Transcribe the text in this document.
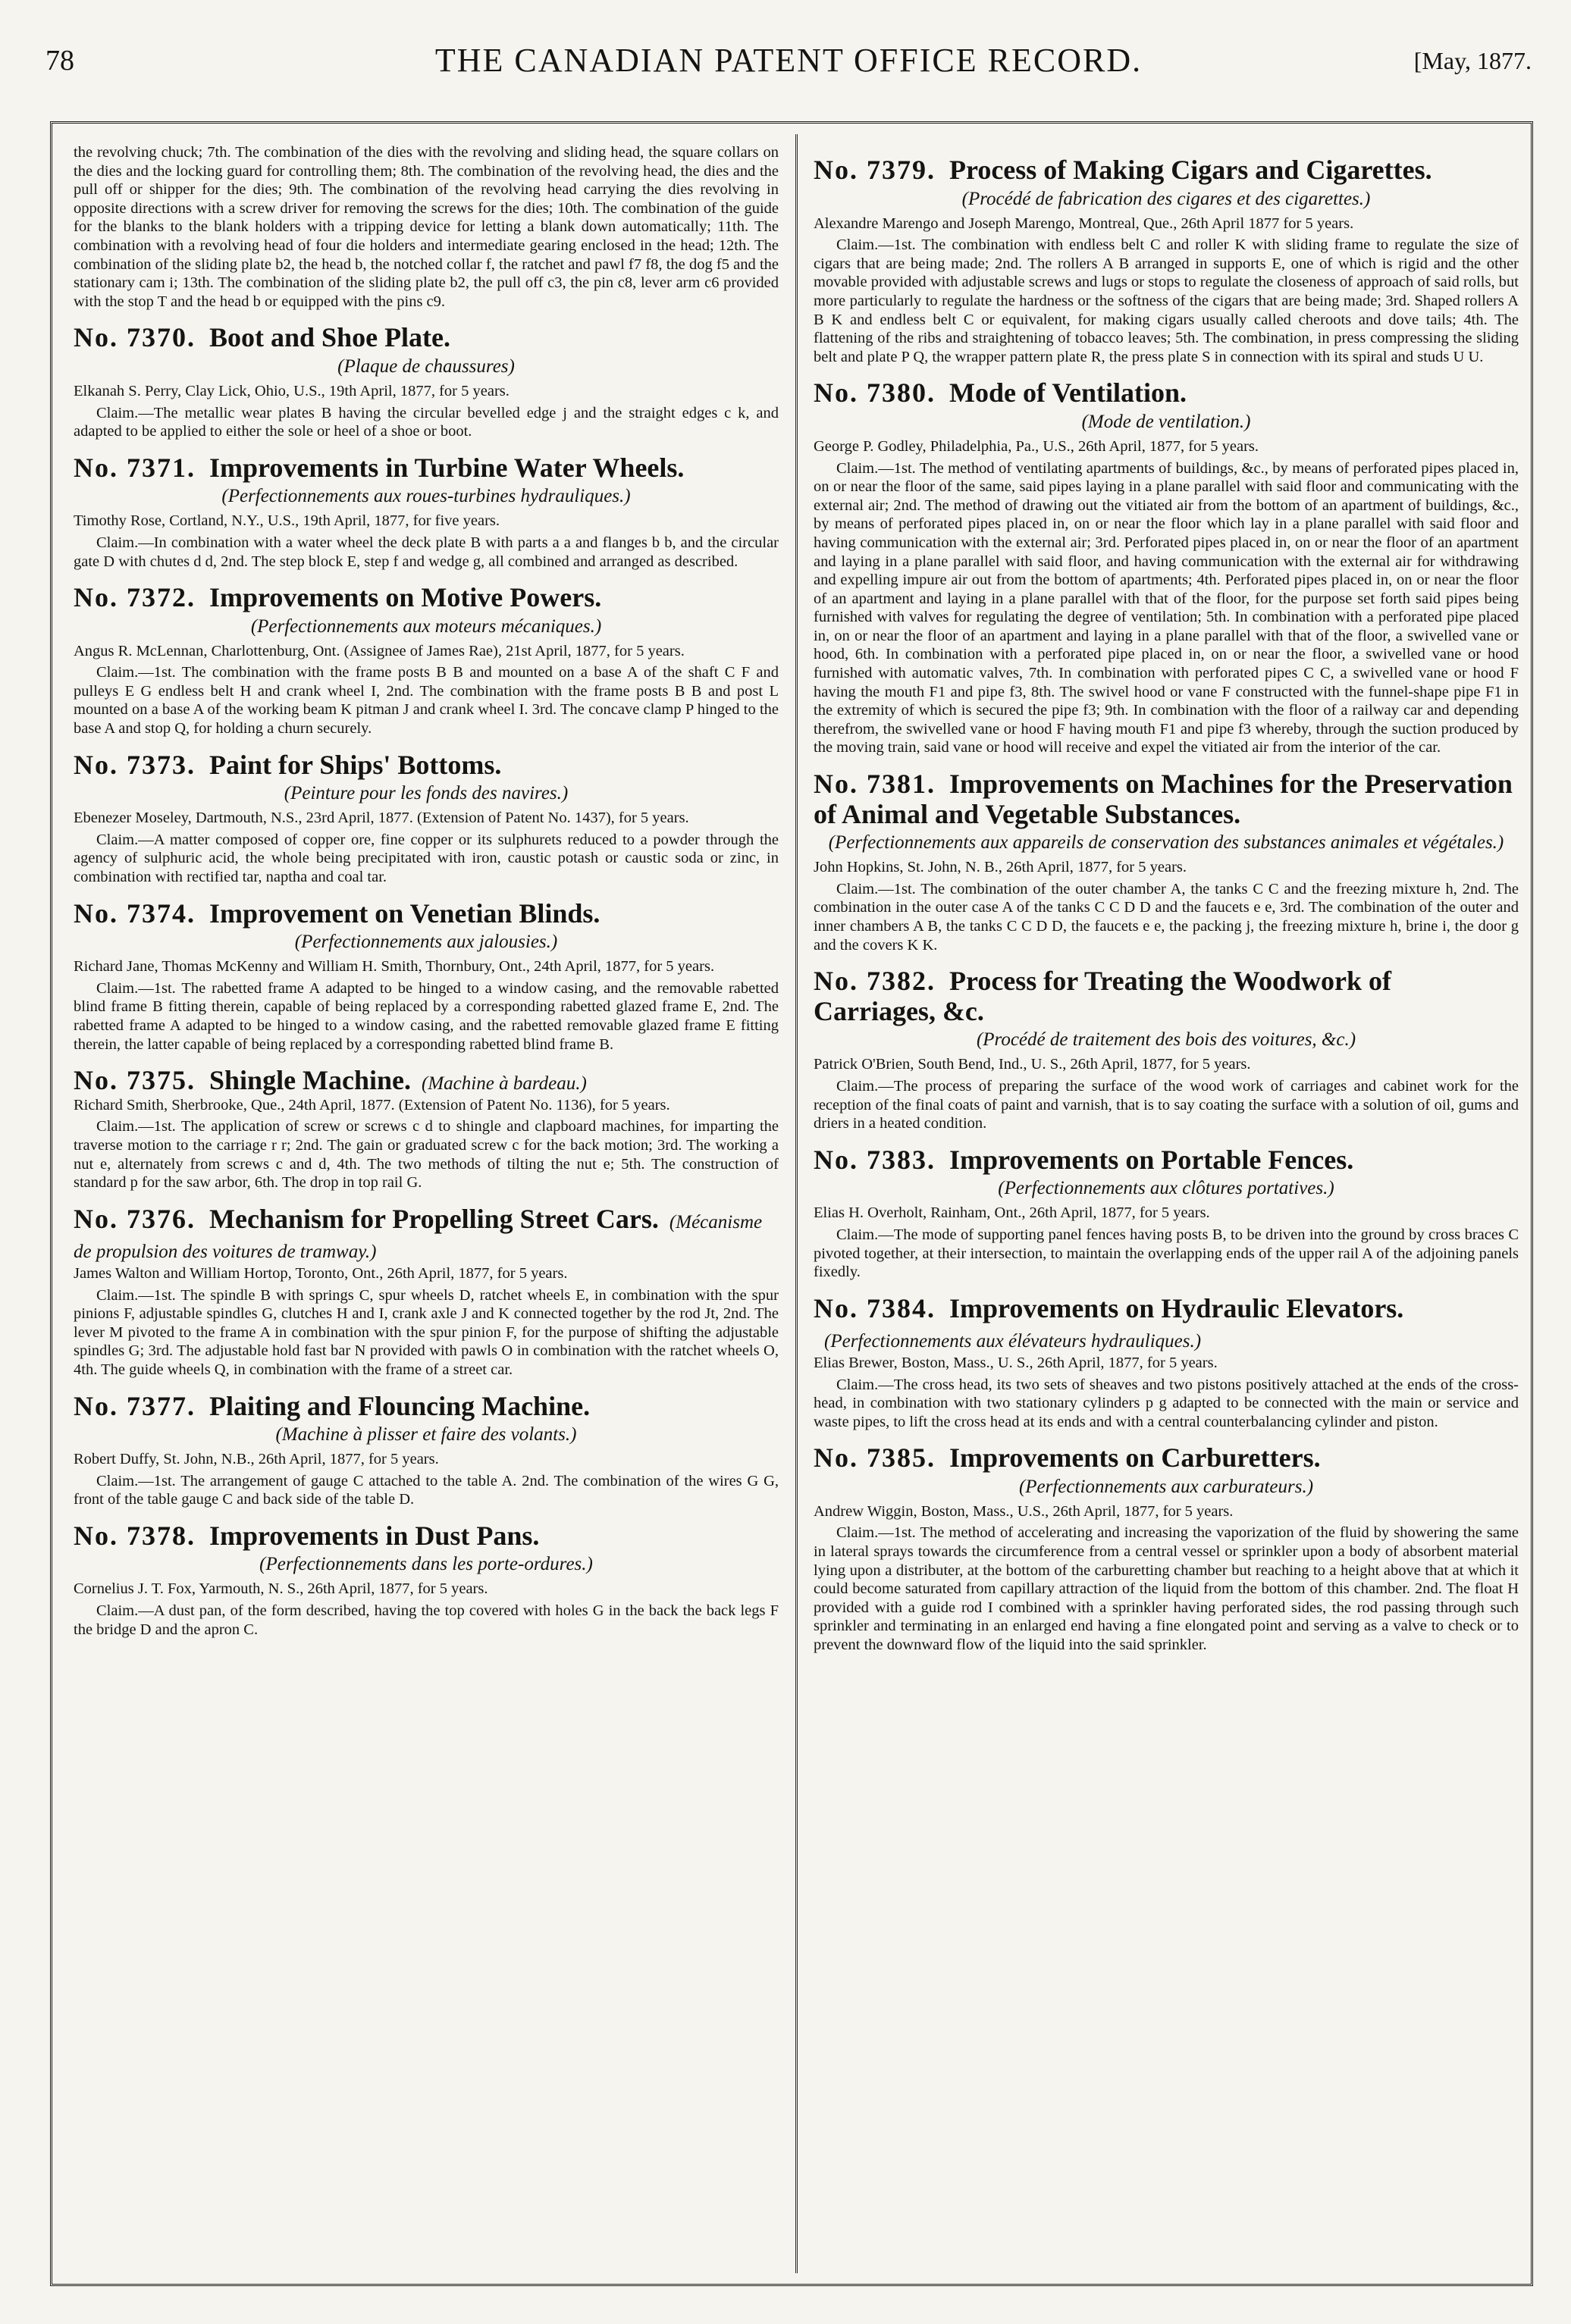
78	THE CANADIAN PATENT OFFICE RECORD.	[May, 1877.

the revolving chuck; 7th. The combination of the dies with the revolving and sliding head, the square collars on the dies and the locking guard for controlling them; 8th. The combination of the revolving head, the dies and the pull off or shipper for the dies; 9th. The combination of the revolving head carrying the dies revolving in opposite directions with a screw driver for removing the screws for the dies; 10th. The combination of the guide for the blanks to the blank holders with a tripping device for letting a blank down automatically; 11th. The combination with a revolving head of four die holders and intermediate gearing enclosed in the head; 12th. The combination of the sliding plate b2, the head b, the notched collar f, the ratchet and pawl f7 f8, the dog f5 and the stationary cam i; 13th. The combination of the sliding plate b2, the pull off c3, the pin c8, lever arm c6 provided with the stop T and the head b or equipped with the pins c9.

No. 7370. Boot and Shoe Plate.
(Plaque de chaussures)

Elkanah S. Perry, Clay Lick, Ohio, U.S., 19th April, 1877, for 5 years.

Claim.—The metallic wear plates B having the circular bevelled edge j and the straight edges c k, and adapted to be applied to either the sole or heel of a shoe or boot.

No. 7371. Improvements in Turbine Water Wheels.
(Perfectionnements aux roues-turbines hydrauliques.)

Timothy Rose, Cortland, N.Y., U.S., 19th April, 1877, for five years.

Claim.—In combination with a water wheel the deck plate B with parts a a and flanges b b, and the circular gate D with chutes d d, 2nd. The step block E, step f and wedge g, all combined and arranged as described.

No. 7372. Improvements on Motive Powers.
(Perfectionnements aux moteurs mécaniques.)

Angus R. McLennan, Charlottenburg, Ont. (Assignee of James Rae), 21st April, 1877, for 5 years.

Claim.—1st. The combination with the frame posts B B and mounted on a base A of the shaft C F and pulleys E G endless belt H and crank wheel I, 2nd. The combination with the frame posts B B and post L mounted on a base A of the working beam K pitman J and crank wheel I. 3rd. The concave clamp P hinged to the base A and stop Q, for holding a churn securely.

No. 7373. Paint for Ships' Bottoms.
(Peinture pour les fonds des navires.)

Ebenezer Moseley, Dartmouth, N.S., 23rd April, 1877. (Extension of Patent No. 1437), for 5 years.

Claim.—A matter composed of copper ore, fine copper or its sulphurets reduced to a powder through the agency of sulphuric acid, the whole being precipitated with iron, caustic potash or caustic soda or zinc, in combination with rectified tar, naptha and coal tar.

No. 7374. Improvement on Venetian Blinds.
(Perfectionnements aux jalousies.)

Richard Jane, Thomas McKenny and William H. Smith, Thornbury, Ont., 24th April, 1877, for 5 years.

Claim.—1st. The rabetted frame A adapted to be hinged to a window casing, and the removable rabetted blind frame B fitting therein, capable of being replaced by a corresponding rabetted glazed frame E, 2nd. The rabetted frame A adapted to be hinged to a window casing, and the rabetted removable glazed frame E fitting therein, the latter capable of being replaced by a corresponding rabetted blind frame B.

No. 7375. Shingle Machine. (Machine à bardeau.)

Richard Smith, Sherbrooke, Que., 24th April, 1877. (Extension of Patent No. 1136), for 5 years.

Claim.—1st. The application of screw or screws c d to shingle and clapboard machines, for imparting the traverse motion to the carriage r r; 2nd. The gain or graduated screw c for the back motion; 3rd. The working a nut e, alternately from screws c and d, 4th. The two methods of tilting the nut e; 5th. The construction of standard p for the saw arbor, 6th. The drop in top rail G.

No. 7376. Mechanism for Propelling Street Cars. (Mécanisme de propulsion des voitures de tramway.)

James Walton and William Hortop, Toronto, Ont., 26th April, 1877, for 5 years.

Claim.—1st. The spindle B with springs C, spur wheels D, ratchet wheels E, in combination with the spur pinions F, adjustable spindles G, clutches H and I, crank axle J and K connected together by the rod Jt, 2nd. The lever M pivoted to the frame A in combination with the spur pinion F, for the purpose of shifting the adjustable spindles G; 3rd. The adjustable hold fast bar N provided with pawls O in combination with the ratchet wheels O, 4th. The guide wheels Q, in combination with the frame of a street car.

No. 7377. Plaiting and Flouncing Machine.
(Machine à plisser et faire des volants.)

Robert Duffy, St. John, N.B., 26th April, 1877, for 5 years.

Claim.—1st. The arrangement of gauge C attached to the table A. 2nd. The combination of the wires G G, front of the table gauge C and back side of the table D.

No. 7378. Improvements in Dust Pans.
(Perfectionnements dans les porte-ordures.)

Cornelius J. T. Fox, Yarmouth, N. S., 26th April, 1877, for 5 years.

Claim.—A dust pan, of the form described, having the top covered with holes G in the back the back legs F the bridge D and the apron C.

No. 7379. Process of Making Cigars and Cigarettes.
(Procédé de fabrication des cigares et des cigarettes.)

Alexandre Marengo and Joseph Marengo, Montreal, Que., 26th April 1877 for 5 years.

Claim.—1st. The combination with endless belt C and roller K with sliding frame to regulate the size of cigars that are being made; 2nd. The rollers A B arranged in supports E, one of which is rigid and the other movable provided with adjustable screws and lugs or stops to regulate the closeness of approach of said rolls, but more particularly to regulate the hardness or the softness of the cigars that are being made; 3rd. Shaped rollers A B K and endless belt C or equivalent, for making cigars usually called cheroots and dove tails; 4th. The flattening of the ribs and straightening of tobacco leaves; 5th. The combination, in press compressing the sliding belt and plate P Q, the wrapper pattern plate R, the press plate S in connection with its spiral and studs U U.

No. 7380. Mode of Ventilation.
(Mode de ventilation.)

George P. Godley, Philadelphia, Pa., U.S., 26th April, 1877, for 5 years.

Claim.—1st. The method of ventilating apartments of buildings, &c., by means of perforated pipes placed in, on or near the floor of the same, said pipes laying in a plane parallel with said floor and communicating with the external air; 2nd. The method of drawing out the vitiated air from the bottom of an apartment of buildings, &c., by means of perforated pipes placed in, on or near the floor which lay in a plane parallel with said floor and having communication with the external air; 3rd. Perforated pipes placed in, on or near the floor of an apartment and laying in a plane parallel with said floor, and having communication with the external air for withdrawing and expelling impure air out from the bottom of apartments; 4th. Perforated pipes placed in, on or near the floor of an apartment and laying in a plane parallel with that of the floor, for the purpose set forth said pipes being furnished with valves for regulating the degree of ventilation; 5th. In combination with a perforated pipe placed in, on or near the floor of an apartment and laying in a plane parallel with that of the floor, a swivelled vane or hood, 6th. In combination with a perforated pipe placed in, on or near the floor, a swivelled vane or hood furnished with automatic valves, 7th. In combination with perforated pipes C C, a swivelled vane or hood F having the mouth F1 and pipe f3, 8th. The swivel hood or vane F constructed with the funnel-shape pipe F1 in the extremity of which is secured the pipe f3; 9th. In combination with the floor of a railway car and depending therefrom, the swivelled vane or hood F having mouth F1 and pipe f3 whereby, through the suction produced by the moving train, said vane or hood will receive and expel the vitiated air from the interior of the car.

No. 7381. Improvements on Machines for the Preservation of Animal and Vegetable Substances.
(Perfectionnements aux appareils de conservation des substances animales et végétales.)

John Hopkins, St. John, N. B., 26th April, 1877, for 5 years.

Claim.—1st. The combination of the outer chamber A, the tanks C C and the freezing mixture h, 2nd. The combination in the outer case A of the tanks C C D D and the faucets e e, 3rd. The combination of the outer and inner chambers A B, the tanks C C D D, the faucets e e, the packing j, the freezing mixture h, brine i, the door g and the covers K K.

No. 7382. Process for Treating the Woodwork of Carriages, &c.
(Procédé de traitement des bois des voitures, &c.)

Patrick O'Brien, South Bend, Ind., U. S., 26th April, 1877, for 5 years.

Claim.—The process of preparing the surface of the wood work of carriages and cabinet work for the reception of the final coats of paint and varnish, that is to say coating the surface with a solution of oil, gums and driers in a heated condition.

No. 7383. Improvements on Portable Fences.
(Perfectionnements aux clôtures portatives.)

Elias H. Overholt, Rainham, Ont., 26th April, 1877, for 5 years.

Claim.—The mode of supporting panel fences having posts B, to be driven into the ground by cross braces C pivoted together, at their intersection, to maintain the overlapping ends of the upper rail A of the adjoining panels fixedly.

No. 7384. Improvements on Hydraulic Elevators.(Perfectionnements aux élévateurs hydrauliques.)

Elias Brewer, Boston, Mass., U. S., 26th April, 1877, for 5 years.

Claim.—The cross head, its two sets of sheaves and two pistons positively attached at the ends of the cross-head, in combination with two stationary cylinders p g adapted to be connected with the main or service and waste pipes, to lift the cross head at its ends and with a central counterbalancing cylinder and piston.

No. 7385. Improvements on Carburetters.
(Perfectionnements aux carburateurs.)

Andrew Wiggin, Boston, Mass., U.S., 26th April, 1877, for 5 years.

Claim.—1st. The method of accelerating and increasing the vaporization of the fluid by showering the same in lateral sprays towards the circumference from a central vessel or sprinkler upon a body of absorbent material lying upon a distributer, at the bottom of the carburetting chamber but reaching to a height above that at which it could become saturated from capillary attraction of the liquid from the bottom of this chamber. 2nd. The float H provided with a guide rod I combined with a sprinkler having perforated sides, the rod passing through such sprinkler and terminating in an enlarged end having a fine elongated point and serving as a valve to check or to prevent the downward flow of the liquid into the said sprinkler.
